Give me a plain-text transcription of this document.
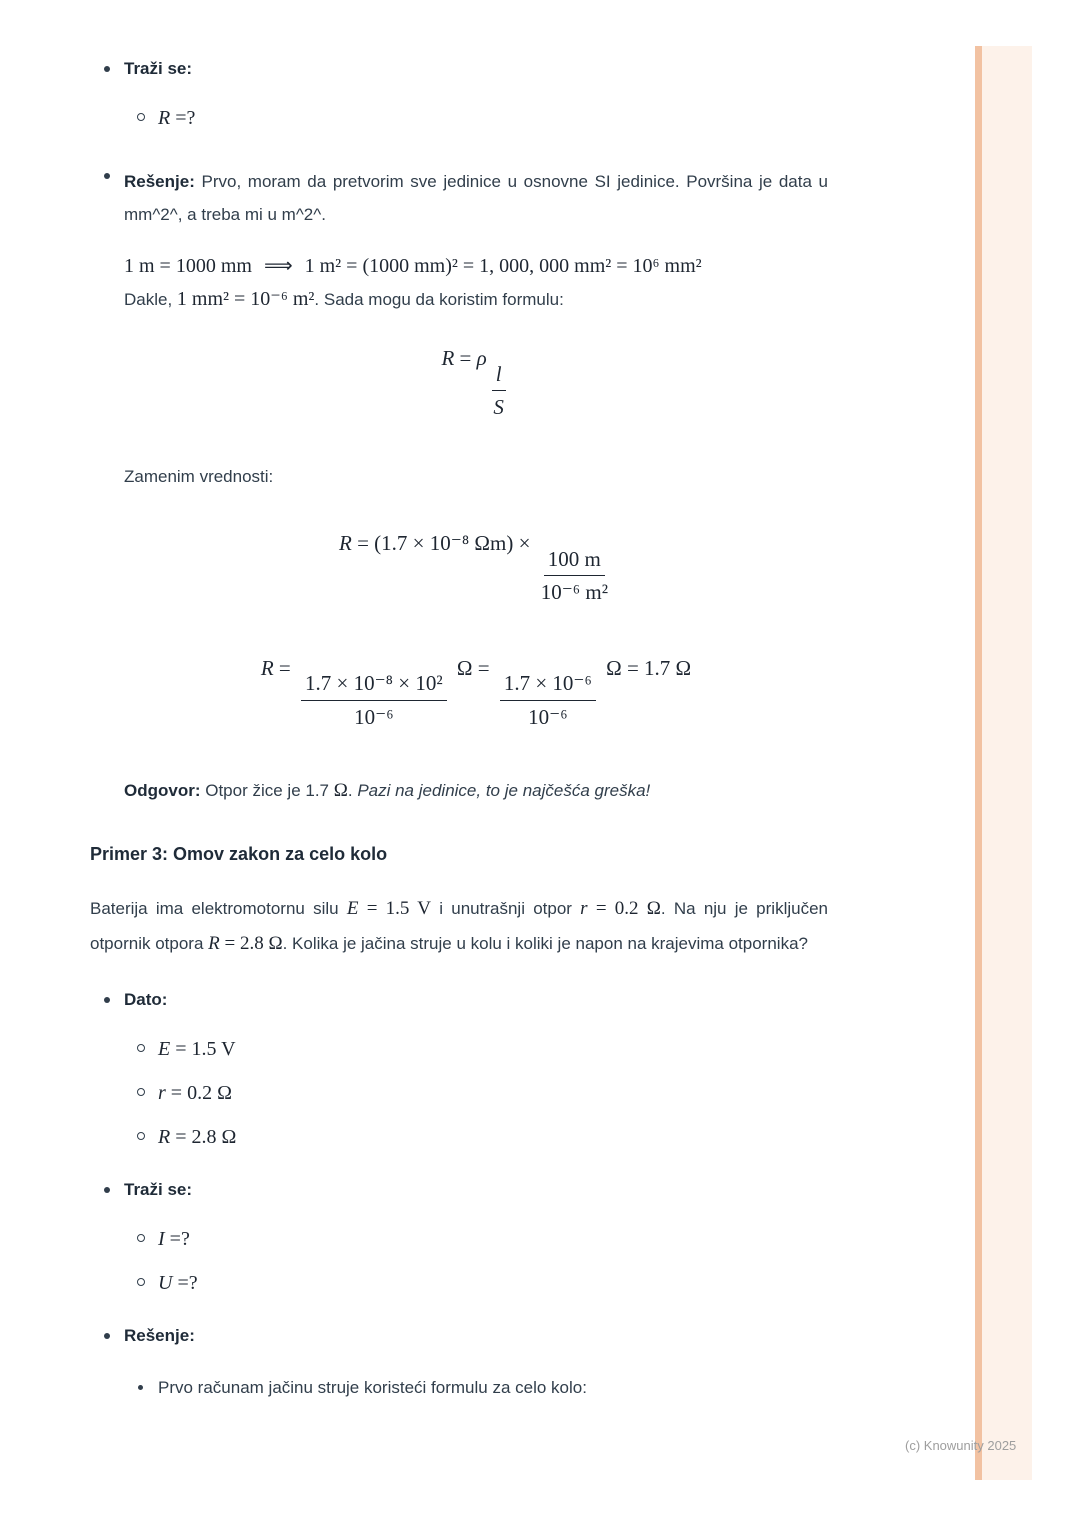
Traži se:
R =?
Rešenje: Prvo, moram da pretvorim sve jedinice u osnovne SI jedinice. Površina je data u mm^2^, a treba mi u m^2^.
1 m = 1000 mm ⟹ 1 m² = (1000 mm)² = 1, 000, 000 mm² = 10⁶ mm²
Dakle, 1 mm² = 10⁻⁶ m². Sada mogu da koristim formulu:
R = ρ
$\frac{l}{S}$
Zamenim vrednosti:
R = (1.7 × 10⁻⁸ Ωm) ×
$\frac{100 m}{\text{10⁻⁶ m²}}$
R =
$\frac{\text{1.7 × 10⁻⁸ × 10²}}{\text{10⁻⁶}}$
Ω =
$\frac{\text{1.7 × 10⁻⁶}}{\text{10⁻⁶}}$
Ω = 1.7 Ω
Odgovor: Otpor žice je 1.7 Ω. Pazi na jedinice, to je najčešća greška!
Primer 3: Omov zakon za celo kolo

Baterija ima elektromotornu silu E = 1.5 V i unutrašnji otpor r = 0.2 Ω. Na nju je priključen otpornik otpora R = 2.8 Ω. Kolika je jačina struje u kolu i koliki je napon na krajevima otpornika?

Dato:
E = 1.5 V
r = 0.2 Ω
R = 2.8 Ω
Traži se:
I =?
U =?
Rešenje:
Prvo računam jačinu struje koristeći formulu za celo kolo:
(c) Knowunity 2025
